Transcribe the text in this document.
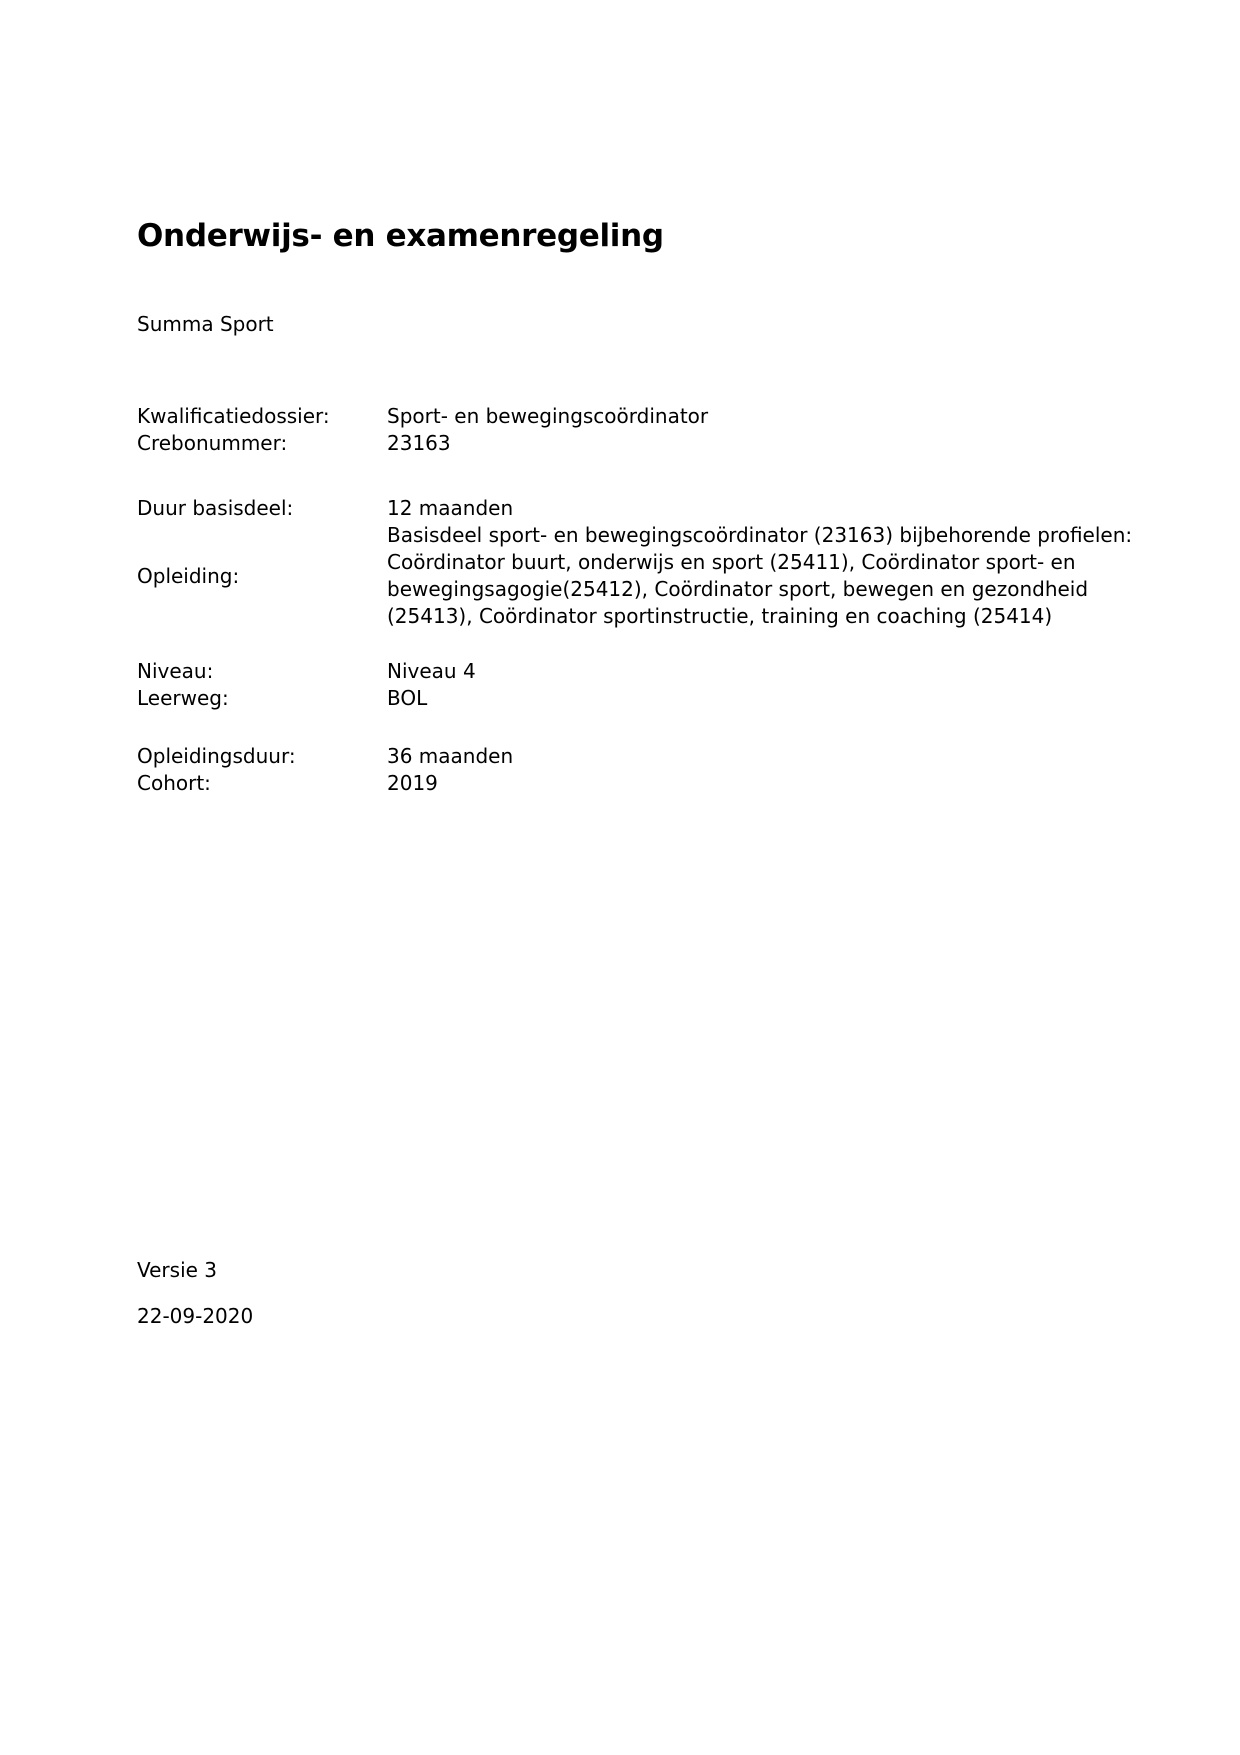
Onderwijs- en examenregeling
Summa Sport
Kwalificatiedossier:	Sport- en bewegingscoördinator
Crebonummer:	23163
Duur basisdeel:	12 maanden
Opleiding:
Basisdeel sport- en bewegingscoördinator (23163) bijbehorende profielen: Coördinator buurt, onderwijs en sport (25411), Coördinator sport- en bewegingsagogie(25412), Coördinator sport, bewegen en gezondheid (25413), Coördinator sportinstructie, training en coaching (25414)
Niveau:	Niveau 4
Leerweg:	BOL
Opleidingsduur:	36 maanden
Cohort:	2019
Versie 3
22-09-2020
